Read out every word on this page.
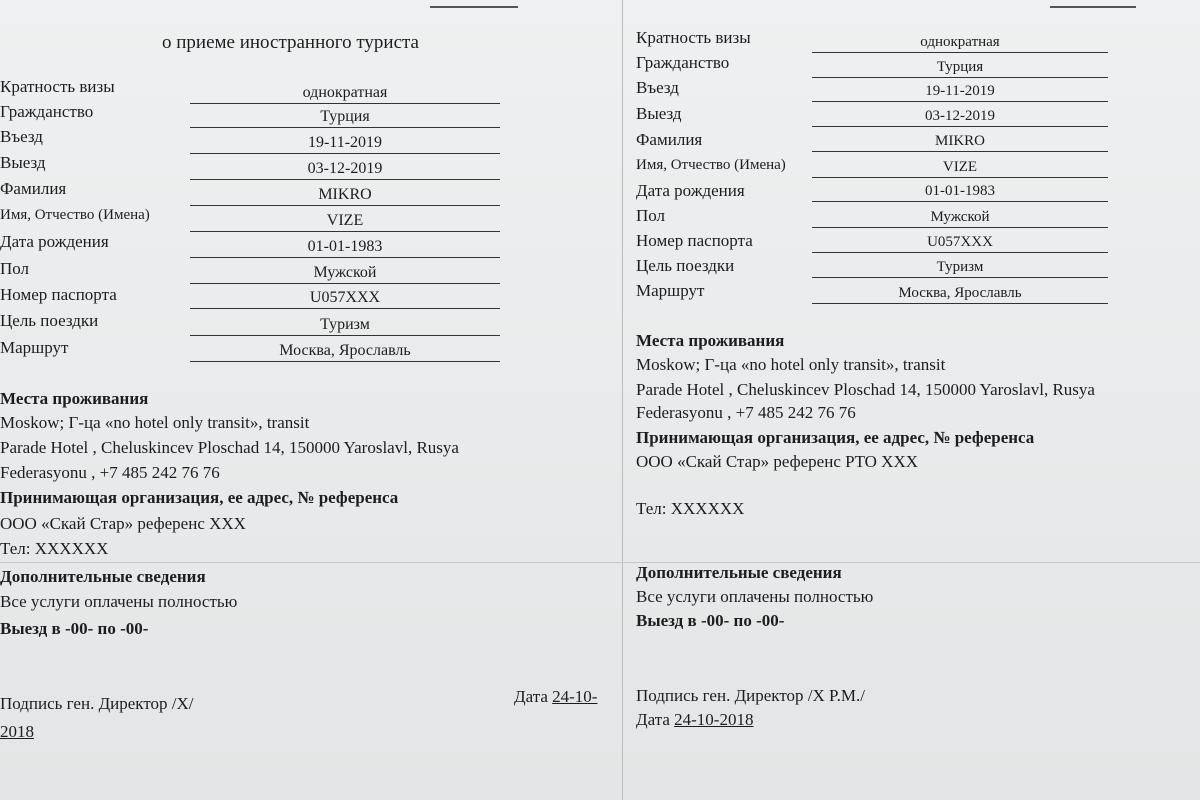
о приеме иностранного туриста
Кратность визы	однократная
Гражданство	Турция
Въезд	19-11-2019
Выезд	03-12-2019
Фамилия	MIKRO
Имя, Отчество (Имена)	VIZE
Дата рождения	01-01-1983
Пол	Мужской
Номер паспорта	U057XXX
Цель поездки	Туризм
Маршрут	Москва, Ярославль
Места проживания
Moskow; Г-ца «no hotel only transit», transit
Parade Hotel , Cheluskincev Ploschad 14, 150000 Yaroslavl, Rusya
Federasyonu , +7 485 242 76 76
Принимающая организация, ее адрес, № референса
ООО «Скай Стар» референс XXX
Тел: XXXXXX
Дополнительные сведения
Все услуги оплачены полностью
Выезд в -00- по -00-
Подпись ген. Директор /X/	Дата 24-10-
2018
Кратность визы	однократная
Гражданство	Турция
Въезд	19-11-2019
Выезд	03-12-2019
Фамилия	MIKRO
Имя, Отчество (Имена)	VIZE
Дата рождения	01-01-1983
Пол	Мужской
Номер паспорта	U057XXX
Цель поездки	Туризм
Маршрут	Москва, Ярославль
Места проживания
Moskow; Г-ца «no hotel only transit», transit
Parade Hotel , Cheluskincev Ploschad 14, 150000 Yaroslavl, Rusya
Federasyonu , +7 485 242 76 76
Принимающая организация, ее адрес, № референса
ООО «Скай Стар» референс PTO XXX
Тел: XXXXXX
Дополнительные сведения
Все услуги оплачены полностью
Выезд в -00- по -00-
Подпись ген. Директор /X P.M./
Дата 24-10-2018
